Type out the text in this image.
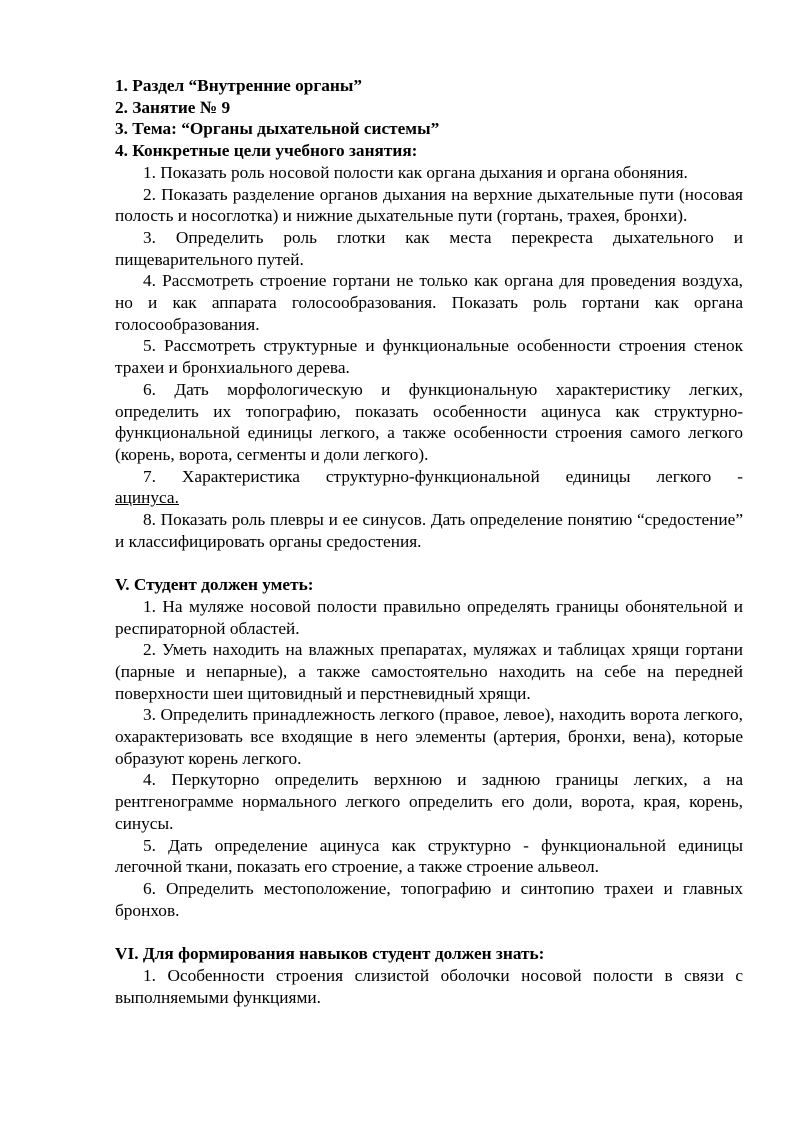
1. Раздел “Внутренние органы”

2. Занятие № 9

3. Тема: “Органы дыхательной системы”

4. Конкретные цели учебного занятия:

1. Показать роль носовой полости как органа дыхания и органа обоняния.

2. Показать разделение органов дыхания на верхние дыхательные пути (носовая полость и носоглотка) и нижние дыхательные пути (гортань, трахея, бронхи).

3. Определить роль глотки как места перекреста дыхательного и пищеварительного путей.

4. Рассмотреть строение гортани не только как органа для проведения воздуха, но и как аппарата голосообразования. Показать роль гортани как органа голосообразования.

5. Рассмотреть структурные и функциональные особенности строения стенок трахеи и бронхиального дерева.

6. Дать морфологическую и функциональную характеристику легких, определить их топографию, показать особенности ацинуса как структурно-функциональной единицы легкого, а также особенности строения самого легкого (корень, ворота, сегменты и доли легкого).

7. Характеристика структурно-функциональной единицы легкого -

ацинуса.

8. Показать роль плевры и ее синусов. Дать определение понятию “средостение” и классифицировать органы средостения.

V. Студент должен уметь:

1. На муляже носовой полости правильно определять границы обонятельной и респираторной областей.

2. Уметь находить на влажных препаратах, муляжах и таблицах хрящи гортани (парные и непарные), а также самостоятельно находить на себе на передней поверхности шеи щитовидный и перстневидный хрящи.

3. Определить принадлежность легкого (правое, левое), находить ворота легкого, охарактеризовать все входящие в него элементы (артерия, бронхи, вена), которые образуют корень легкого.

4. Перкуторно определить верхнюю и заднюю границы легких, а на рентгенограмме нормального легкого определить его доли, ворота, края, корень, синусы.

5. Дать определение ацинуса как структурно - функциональной единицы легочной ткани, показать его строение, а также строение альвеол.

6. Определить местоположение, топографию и синтопию трахеи и главных бронхов.

VI. Для формирования навыков студент должен знать:

1. Особенности строения слизистой оболочки носовой полости в связи с выполняемыми функциями.
